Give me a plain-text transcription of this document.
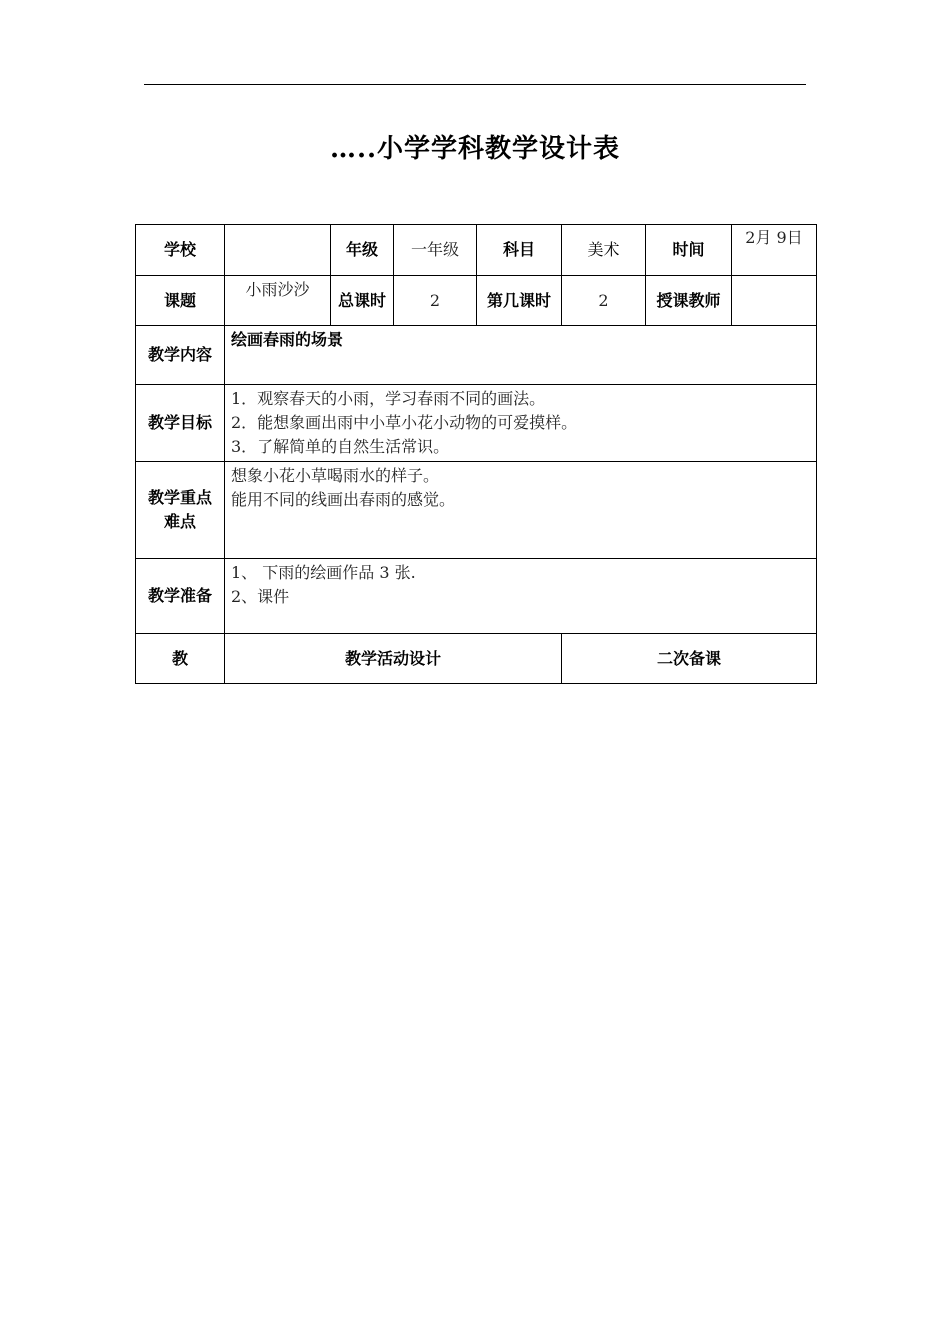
…..小学学科教学设计表
学校		年级	一年级	科目	美术	时间	2月 9日
课题	小雨沙沙	总课时	2	第几课时	2	授课教师	
教学内容	绘画春雨的场景						
教学目标	1．观察春天的小雨，学习春雨不同的画法。
2．能想象画出雨中小草小花小动物的可爱摸样。
3．了解简单的自然生活常识。						

教学重点难点	想象小花小草喝雨水的样子。
能用不同的线画出春雨的感觉。						

教学准备	1、 下雨的绘画作品 3 张.
2、课件						

教	教学活动设计				二次备课		
